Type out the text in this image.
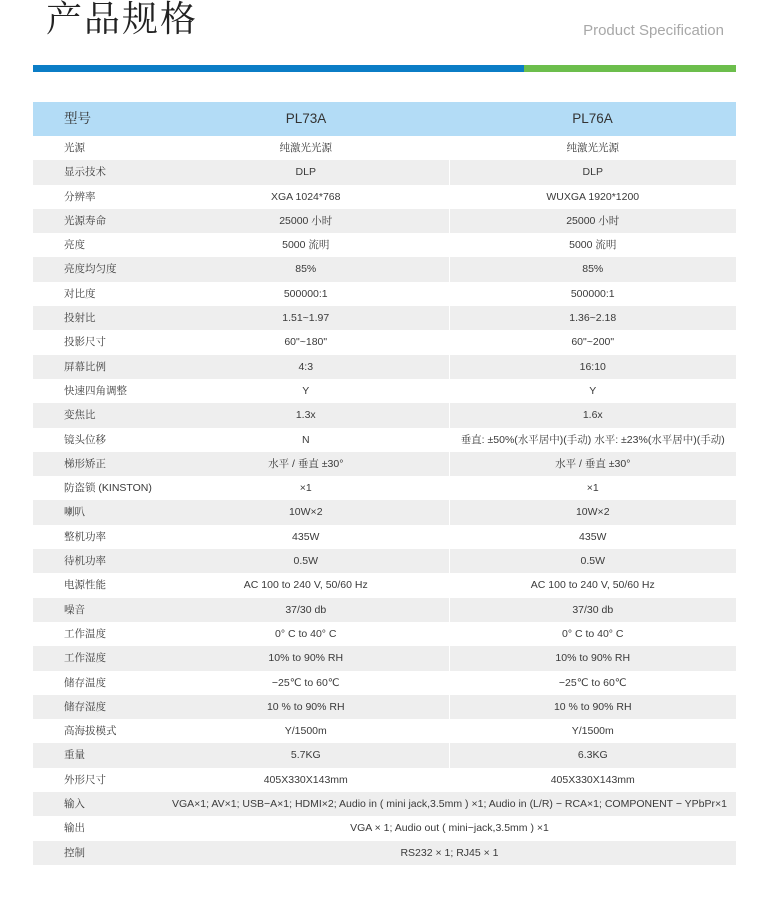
产品规格	Product Specification
型号	PL73A	PL76A
光源	纯激光光源	纯激光光源
显示技术	DLP	DLP
分辨率	XGA 1024*768	WUXGA 1920*1200
光源寿命	25000 小时	25000 小时
亮度	5000 流明	5000 流明
亮度均匀度	85%	85%
对比度	500000:1	500000:1
投射比	1.51~1.97	1.36~2.18
投影尺寸	60"~180"	60"~200"
屏幕比例	4:3	16:10
快速四角调整	Y	Y
变焦比	1.3x	1.6x
镜头位移	N	垂直: ±50%(水平居中)(手动) 水平: ±23%(水平居中)(手动)
梯形矫正	水平 / 垂直 ±30°	水平 / 垂直 ±30°
防盗锁 (KINSTON)	×1	×1
喇叭	10W×2	10W×2
整机功率	435W	435W
待机功率	0.5W	0.5W
电源性能	AC 100 to 240 V, 50/60 Hz	AC 100 to 240 V, 50/60 Hz
噪音	37/30 db	37/30 db
工作温度	0° C to 40° C	0° C to 40° C
工作湿度	10% to 90% RH	10% to 90% RH
储存温度	−25℃ to 60℃	−25℃ to 60℃
储存湿度	10 % to 90% RH	10 % to 90% RH
高海拔模式	Y/1500m	Y/1500m
重量	5.7KG	6.3KG
外形尺寸	405X330X143mm	405X330X143mm
输入	VGA×1; AV×1; USB−A×1; HDMI×2; Audio in ( mini jack,3.5mm ) ×1; Audio in (L/R) − RCA×1; COMPONENT − YPbPr×1	
输出	VGA × 1; Audio out ( mini−jack,3.5mm ) ×1	
控制	RS232 × 1; RJ45 × 1	
